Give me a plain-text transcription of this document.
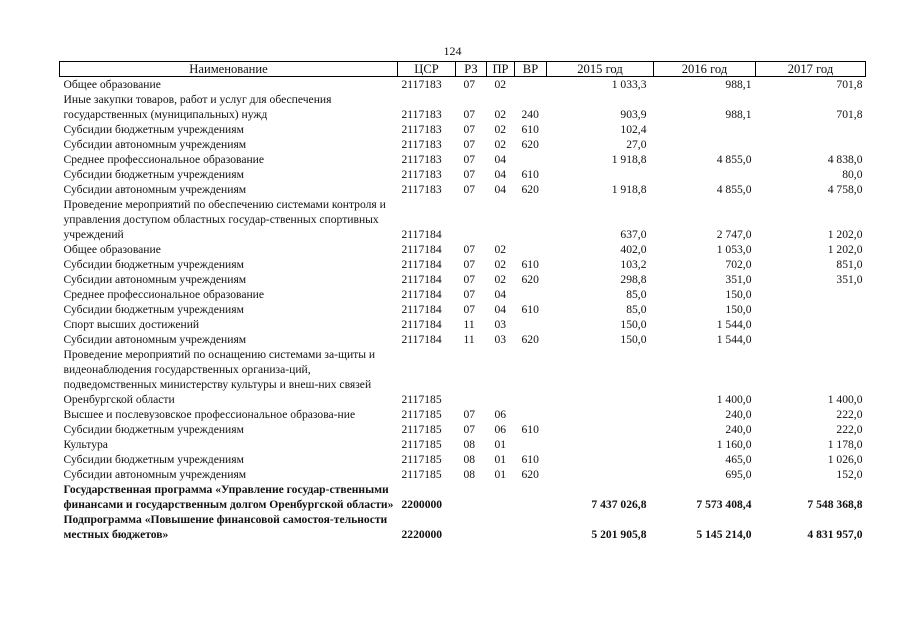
124
Наименование	ЦСР	РЗ	ПР	ВР	2015 год	2016 год	2017 год
Общее образование	2117183	07	02		1 033,3	988,1	701,8
Иные закупки товаров, работ и услуг для обеспечения государственных (муниципальных) нужд	2117183	07	02	240	903,9	988,1	701,8
Субсидии бюджетным учреждениям	2117183	07	02	610	102,4		
Субсидии автономным учреждениям	2117183	07	02	620	27,0		
Среднее профессиональное образование	2117183	07	04		1 918,8	4 855,0	4 838,0
Субсидии бюджетным учреждениям	2117183	07	04	610			80,0
Субсидии автономным учреждениям	2117183	07	04	620	1 918,8	4 855,0	4 758,0
Проведение мероприятий по обеспечению системами контроля и управления доступом областных государ-ственных спортивных учреждений	2117184				637,0	2 747,0	1 202,0
Общее образование	2117184	07	02		402,0	1 053,0	1 202,0
Субсидии бюджетным учреждениям	2117184	07	02	610	103,2	702,0	851,0
Субсидии автономным учреждениям	2117184	07	02	620	298,8	351,0	351,0
Среднее профессиональное образование	2117184	07	04		85,0	150,0	
Субсидии бюджетным учреждениям	2117184	07	04	610	85,0	150,0	
Спорт высших достижений	2117184	11	03		150,0	1 544,0	
Субсидии автономным учреждениям	2117184	11	03	620	150,0	1 544,0	
Проведение мероприятий по оснащению системами за-щиты и видеонаблюдения государственных организа-ций, подведомственных министерству культуры и внеш-них связей Оренбургской области	2117185					1 400,0	1 400,0
Высшее и послевузовское профессиональное образова-ние	2117185	07	06			240,0	222,0
Субсидии бюджетным учреждениям	2117185	07	06	610		240,0	222,0
Культура	2117185	08	01			1 160,0	1 178,0
Субсидии бюджетным учреждениям	2117185	08	01	610		465,0	1 026,0
Субсидии автономным учреждениям	2117185	08	01	620		695,0	152,0
Государственная программа «Управление государ-ственными финансами и государственным долгом Оренбургской области»	2200000				7 437 026,8	7 573 408,4	7 548 368,8
Подпрограмма «Повышение финансовой самостоя-тельности местных бюджетов»	2220000				5 201 905,8	5 145 214,0	4 831 957,0
